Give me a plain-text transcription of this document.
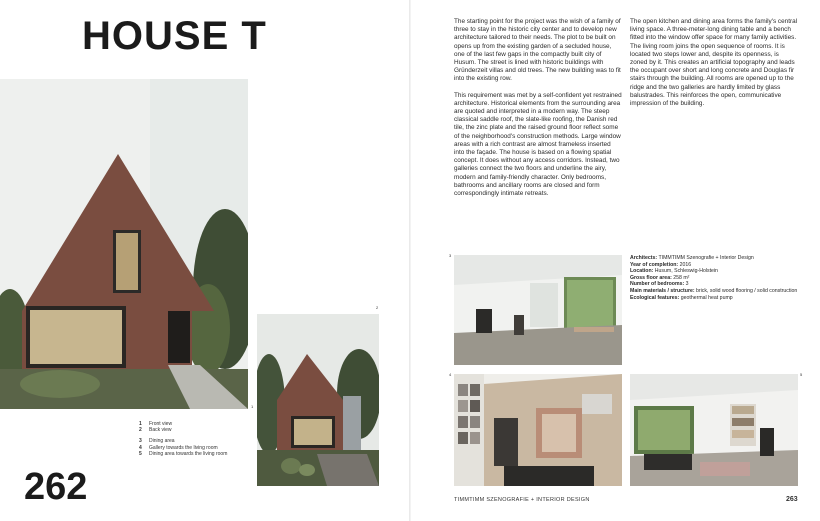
HOUSE T
1
2
1	Front view
2	Back view
3	Dining area
4	Gallery towards the living room
5	Dining area towards the living room
262

The starting point for the project was the wish of a family of three to stay in the historic city center and to develop new architecture tailored to their needs. The plot to be built on opens up from the existing garden of a secluded house, one of the last few gaps in the compactly built city of Husum. The street is lined with historic buildings with Gründerzeit villas and old trees. The new building was to fit into the existing row.

This requirement was met by a self-confident yet restrained architecture. Historical elements from the surrounding area are quoted and interpreted in a modern way. The steep classical saddle roof, the slate-like roofing, the Danish red tile, the zinc plate and the raised ground floor reflect some of the neighborhood's construction methods. Large window areas with a rich contrast are almost frameless inserted into the façade. The house is based on a flowing spatial concept. It does without any access corridors. Instead, two galleries connect the two floors and underline the airy, modern and family-friendly character. Only bedrooms, bathrooms and ancillary rooms are closed and form correspondingly intimate retreats.

The open kitchen and dining area forms the family's central living space. A three-meter-long dining table and a bench fitted into the window offer space for many family activities. The living room joins the open sequence of rooms. It is located two steps lower and, despite its openness, is zoned by it. This creates an artificial topography and leads the occupant over short and long concrete and Douglas fir stairs through the building. All rooms are opened up to the ridge and the two galleries are hardly limited by glass balustrades. This reinforces the open, communicative impression of the building.

3	Architects: TIMMTIMM Szenografie + Interior Design
Year of completion: 2016
Location: Husum, Schleswig-Holstein
Gross floor area: 258 m²
Number of bedrooms: 3
Main materials / structure: brick, solid wood flooring / solid construction
Ecological features: geothermal heat pump
4	5
TIMMTIMM SZENOGRAFIE + INTERIOR DESIGN	263
